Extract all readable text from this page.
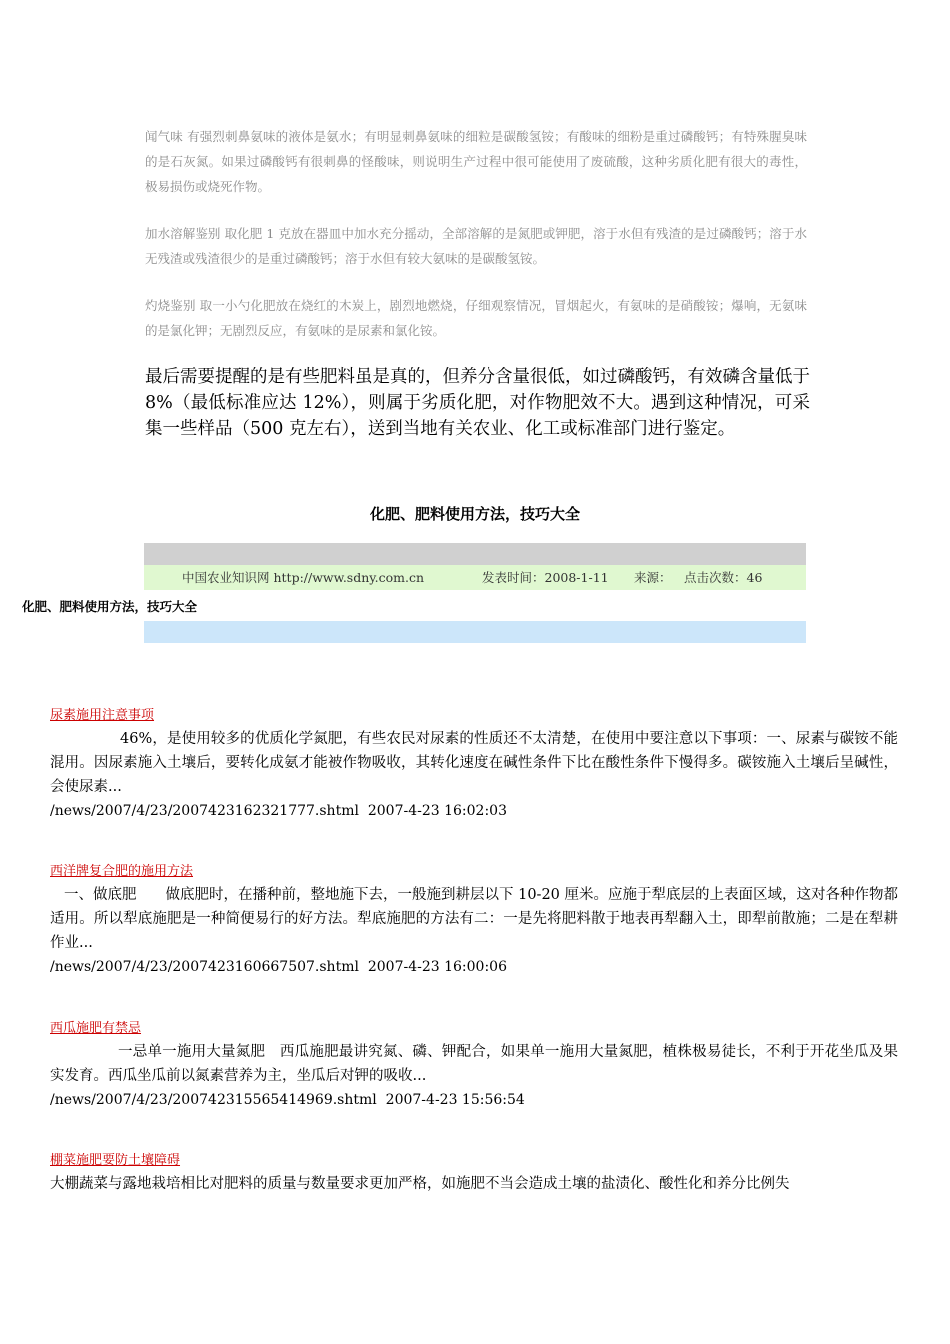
闻气味 有强烈刺鼻氨味的液体是氨水；有明显刺鼻氨味的细粒是碳酸氢铵；有酸味的细粉是重过磷酸钙；有特殊腥臭味的是石灰氮。如果过磷酸钙有很刺鼻的怪酸味，则说明生产过程中很可能使用了废硫酸，这种劣质化肥有很大的毒性，极易损伤或烧死作物。

加水溶解鉴别 取化肥 1 克放在器皿中加水充分摇动，全部溶解的是氮肥或钾肥，溶于水但有残渣的是过磷酸钙；溶于水无残渣或残渣很少的是重过磷酸钙；溶于水但有较大氨味的是碳酸氢铵。

灼烧鉴别 取一小勺化肥放在烧红的木炭上，剧烈地燃烧，仔细观察情况，冒烟起火，有氨味的是硝酸铵；爆响，无氨味的是氯化钾；无剧烈反应，有氨味的是尿素和氯化铵。

最后需要提醒的是有些肥料虽是真的，但养分含量很低，如过磷酸钙，有效磷含量低于 8%（最低标准应达 12%），则属于劣质化肥，对作物肥效不大。遇到这种情况，可采集一些样品（500 克左右），送到当地有关农业、化工或标准部门进行鉴定。

化肥、肥料使用方法，技巧大全
中国农业知识网 http://www.sdny.com.cn	发表时间：2008-1-11 来源： 点击次数：46
化肥、肥料使用方法，技巧大全
尿素施用注意事项

46%，是使用较多的优质化学氮肥，有些农民对尿素的性质还不太清楚，在使用中要注意以下事项：一、尿素与碳铵不能混用。因尿素施入土壤后，要转化成氨才能被作物吸收，其转化速度在碱性条件下比在酸性条件下慢得多。碳铵施入土壤后呈碱性，会使尿素...

/news/2007/4/23/2007423162321777.shtml 2007-4-23 16:02:03
西洋牌复合肥的施用方法

一、做底肥　　做底肥时，在播种前，整地施下去，一般施到耕层以下 10-20 厘米。应施于犁底层的上表面区域，这对各种作物都适用。所以犁底施肥是一种简便易行的好方法。犁底施肥的方法有二：一是先将肥料散于地表再犁翻入土，即犁前散施；二是在犁耕作业...

/news/2007/4/23/2007423160667507.shtml 2007-4-23 16:00:06
西瓜施肥有禁忌

一忌单一施用大量氮肥　西瓜施肥最讲究氮、磷、钾配合，如果单一施用大量氮肥，植株极易徒长，不利于开花坐瓜及果实发育。西瓜坐瓜前以氮素营养为主，坐瓜后对钾的吸收...

/news/2007/4/23/200742315565414969.shtml 2007-4-23 15:56:54
棚菜施肥要防土壤障碍

大棚蔬菜与露地栽培相比对肥料的质量与数量要求更加严格，如施肥不当会造成土壤的盐渍化、酸性化和养分比例失
